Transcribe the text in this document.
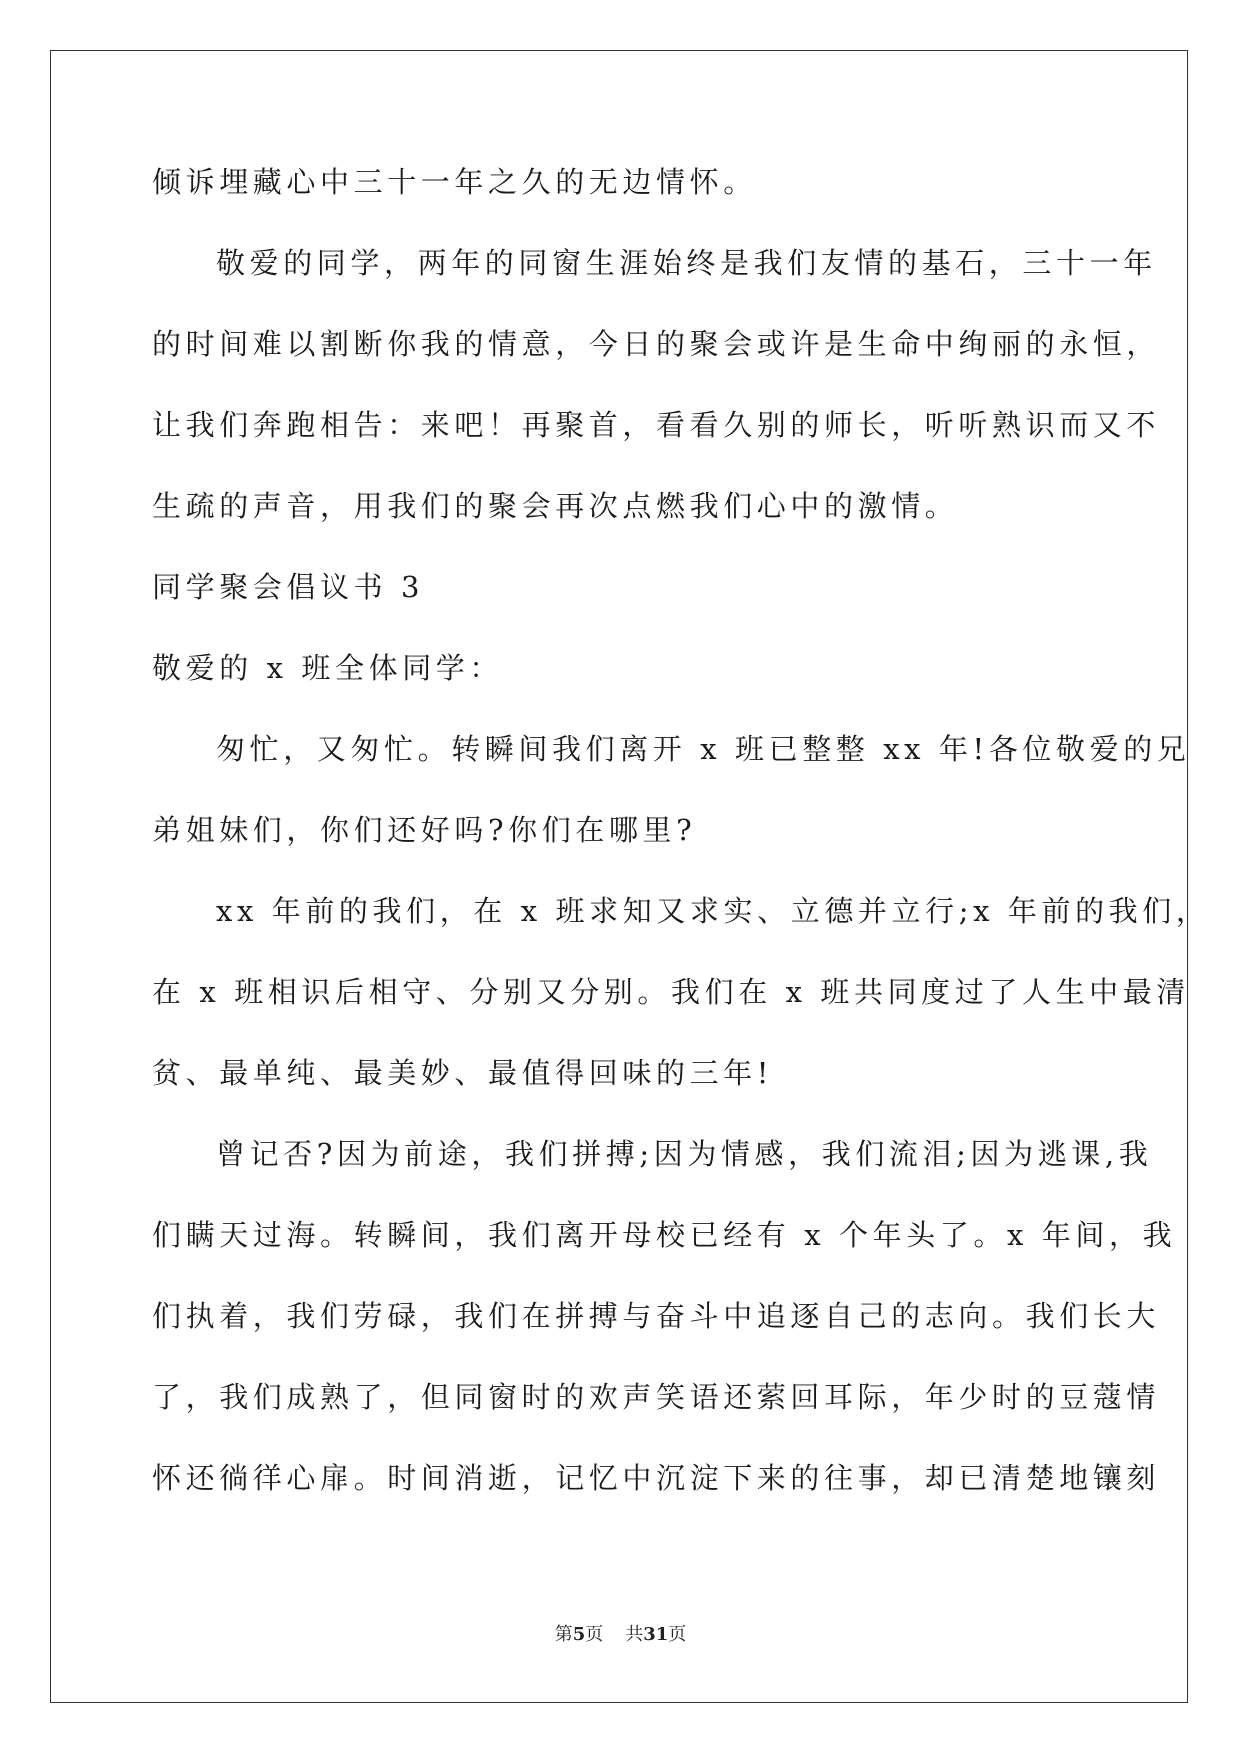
倾诉埋藏心中三十一年之久的无边情怀。
敬爱的同学，两年的同窗生涯始终是我们友情的基石，三十一年
的时间难以割断你我的情意，今日的聚会或许是生命中绚丽的永恒，
让我们奔跑相告：来吧！再聚首，看看久别的师长，听听熟识而又不
生疏的声音，用我们的聚会再次点燃我们心中的激情。
同学聚会倡议书 3
敬爱的 x 班全体同学：
匆忙，又匆忙。转瞬间我们离开 x 班已整整 xx 年!各位敬爱的兄
弟姐妹们，你们还好吗?你们在哪里?
xx 年前的我们，在 x 班求知又求实、立德并立行;x 年前的我们，
在 x 班相识后相守、分别又分别。我们在 x 班共同度过了人生中最清
贫、最单纯、最美妙、最值得回味的三年!
曾记否?因为前途，我们拼搏;因为情感，我们流泪;因为逃课,我
们瞒天过海。转瞬间，我们离开母校已经有 x 个年头了。x 年间，我
们执着，我们劳碌，我们在拼搏与奋斗中追逐自己的志向。我们长大
了，我们成熟了，但同窗时的欢声笑语还萦回耳际，年少时的豆蔻情
怀还徜徉心扉。时间消逝，记忆中沉淀下来的往事，却已清楚地镶刻
第5页 共31页
